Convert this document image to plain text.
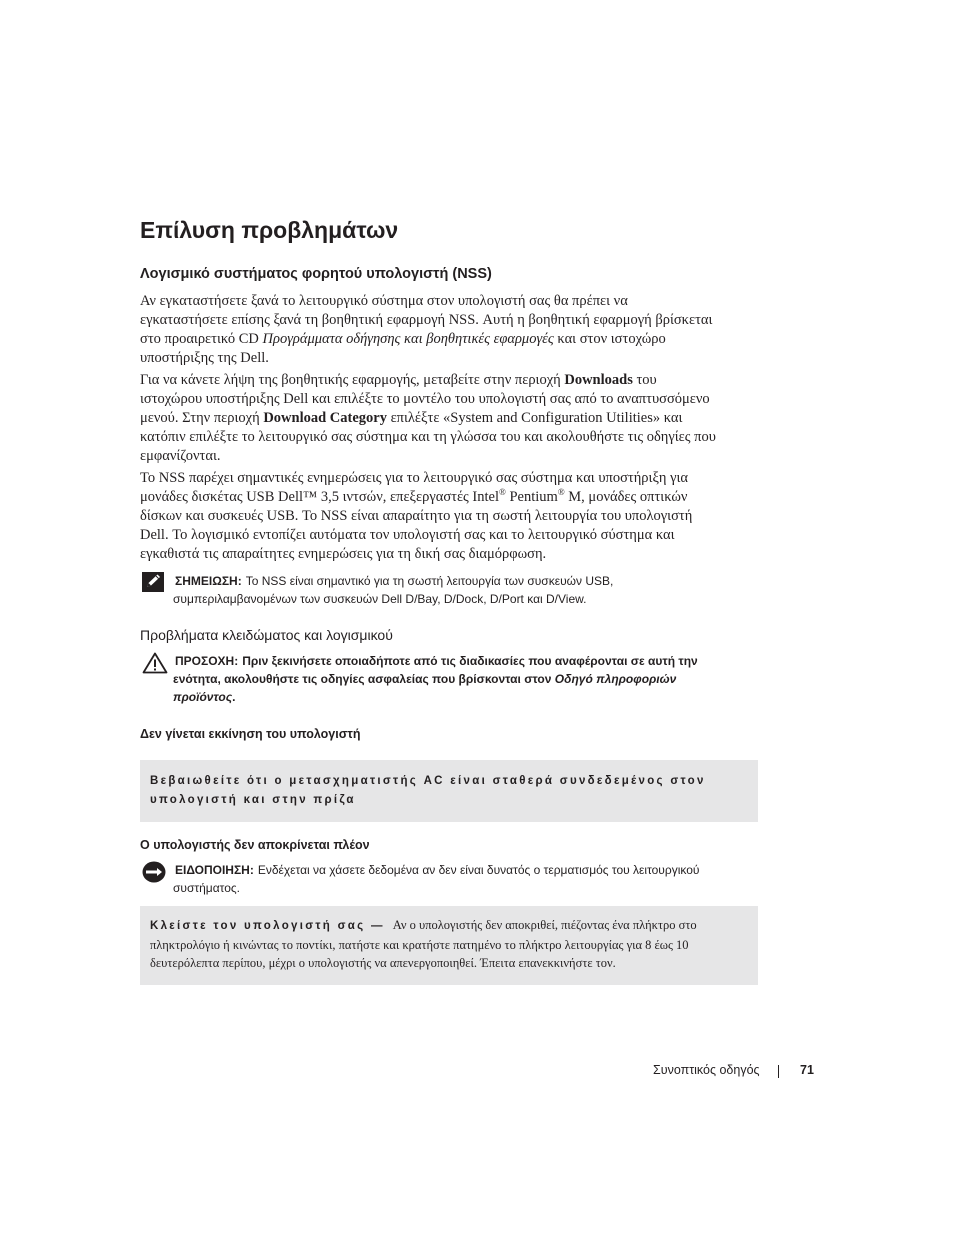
Επίλυση προβλημάτων
Λογισμικό συστήματος φορητού υπολογιστή (NSS)

Αν εγκαταστήσετε ξανά το λειτουργικό σύστημα στον υπολογιστή σας θα πρέπει να
εγκαταστήσετε επίσης ξανά τη βοηθητική εφαρμογή NSS. Αυτή η βοηθητική εφαρμογή βρίσκεται
στο προαιρετικό CD Προγράμματα οδήγησης και βοηθητικές εφαρμογές και στον ιστοχώρο
υποστήριξης της Dell.

Για να κάνετε λήψη της βοηθητικής εφαρμογής, μεταβείτε στην περιοχή Downloads του
ιστοχώρου υποστήριξης Dell και επιλέξτε το μοντέλο του υπολογιστή σας από το αναπτυσσόμενο
μενού. Στην περιοχή Download Category επιλέξτε «System and Configuration Utilities» και
κατόπιν επιλέξτε το λειτουργικό σας σύστημα και τη γλώσσα του και ακολουθήστε τις οδηγίες που
εμφανίζονται.

Το NSS παρέχει σημαντικές ενημερώσεις για το λειτουργικό σας σύστημα και υποστήριξη για
μονάδες δισκέτας USB Dell™ 3,5 ιντσών, επεξεργαστές Intel® Pentium® M, μονάδες οπτικών
δίσκων και συσκευές USB. Το NSS είναι απαραίτητο για τη σωστή λειτουργία του υπολογιστή
Dell. Το λογισμικό εντοπίζει αυτόματα τον υπολογιστή σας και το λειτουργικό σύστημα και
εγκαθιστά τις απαραίτητες ενημερώσεις για τη δική σας διαμόρφωση.

ΣΗΜΕΙΩΣΗ: Το NSS είναι σημαντικό για τη σωστή λειτουργία των συσκευών USB,
συμπεριλαμβανομένων των συσκευών Dell D/Bay, D/Dock, D/Port και D/View.
Προβλήματα κλειδώματος και λογισμικού
ΠΡΟΣΟΧΗ: Πριν ξεκινήσετε οποιαδήποτε από τις διαδικασίες που αναφέρονται σε αυτή την
ενότητα, ακολουθήστε τις οδηγίες ασφαλείας που βρίσκονται στον Οδηγό πληροφοριών
προϊόντος.
Δεν γίνεται εκκίνηση του υπολογιστή
Βεβαιωθείτε ότι ο μετασχηματιστής AC είναι σταθερά συνδεδεμένος στον
υπολογιστή και στην πρίζα
Ο υπολογιστής δεν αποκρίνεται πλέον
ΕΙΔΟΠΟΙΗΣΗ: Ενδέχεται να χάσετε δεδομένα αν δεν είναι δυνατός ο τερματισμός του λειτουργικού
συστήματος.
Κλείστε τον υπολογιστή σας — Αν ο υπολογιστής δεν αποκριθεί, πιέζοντας ένα πλήκτρο στο
πληκτρολόγιο ή κινώντας το ποντίκι, πατήστε και κρατήστε πατημένο το πλήκτρο λειτουργίας για 8 έως 10
δευτερόλεπτα περίπου, μέχρι ο υπολογιστής να απενεργοποιηθεί. Έπειτα επανεκκινήστε τον.
Συνοπτικός οδηγός	71
